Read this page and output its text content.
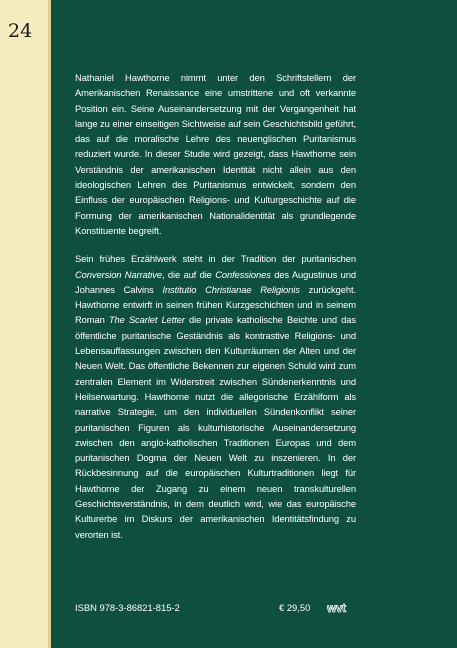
24

Nathaniel Hawthorne nimmt unter den Schriftstellern der Amerikanischen Renaissance eine umstrittene und oft verkannte Position ein. Seine Auseinandersetzung mit der Vergangenheit hat lange zu einer einseitigen Sichtweise auf sein Geschichtsbild geführt, das auf die moralische Lehre des neuenglischen Puritanismus reduziert wurde. In dieser Studie wird gezeigt, dass Hawthorne sein Verständnis der amerikanischen Identität nicht allein aus den ideologischen Lehren des Puritanismus entwickelt, sondern den Einfluss der europäischen Religions- und Kulturgeschichte auf die Formung der amerikanischen Nationalidentität als grundlegende Konstituente begreift.

Sein frühes Erzählwerk steht in der Tradition der puritanischen Conversion Narrative, die auf die Confessiones des Augustinus und Johannes Calvins Institutio Christianae Religionis zurückgeht. Hawthorne entwirft in seinen frühen Kurzgeschichten und in seinem Roman The Scarlet Letter die private katholische Beichte und das öffentliche puritanische Geständnis als kontrastive Religions- und Lebensauffassungen zwischen den Kulturräumen der Alten und der Neuen Welt. Das öffentliche Bekennen zur eigenen Schuld wird zum zentralen Element im Widerstreit zwischen Sündenerkenntnis und Heilserwartung. Hawthorne nutzt die allegorische Erzählform als narrative Strategie, um den individuellen Sündenkonflikt seiner puritanischen Figuren als kulturhistorische Auseinandersetzung zwischen den anglo-katholischen Traditionen Europas und dem puritanischen Dogma der Neuen Welt zu inszenieren. In der Rückbesinnung auf die europäischen Kulturtraditionen liegt für Hawthorne der Zugang zu einem neuen transkulturellen Geschichtsverständnis, in dem deutlich wird, wie das europäische Kulturerbe im Diskurs der amerikanischen Identitätsfindung zu verorten ist.

ISBN 978-3-86821-815-2	€ 29,50 wvt
